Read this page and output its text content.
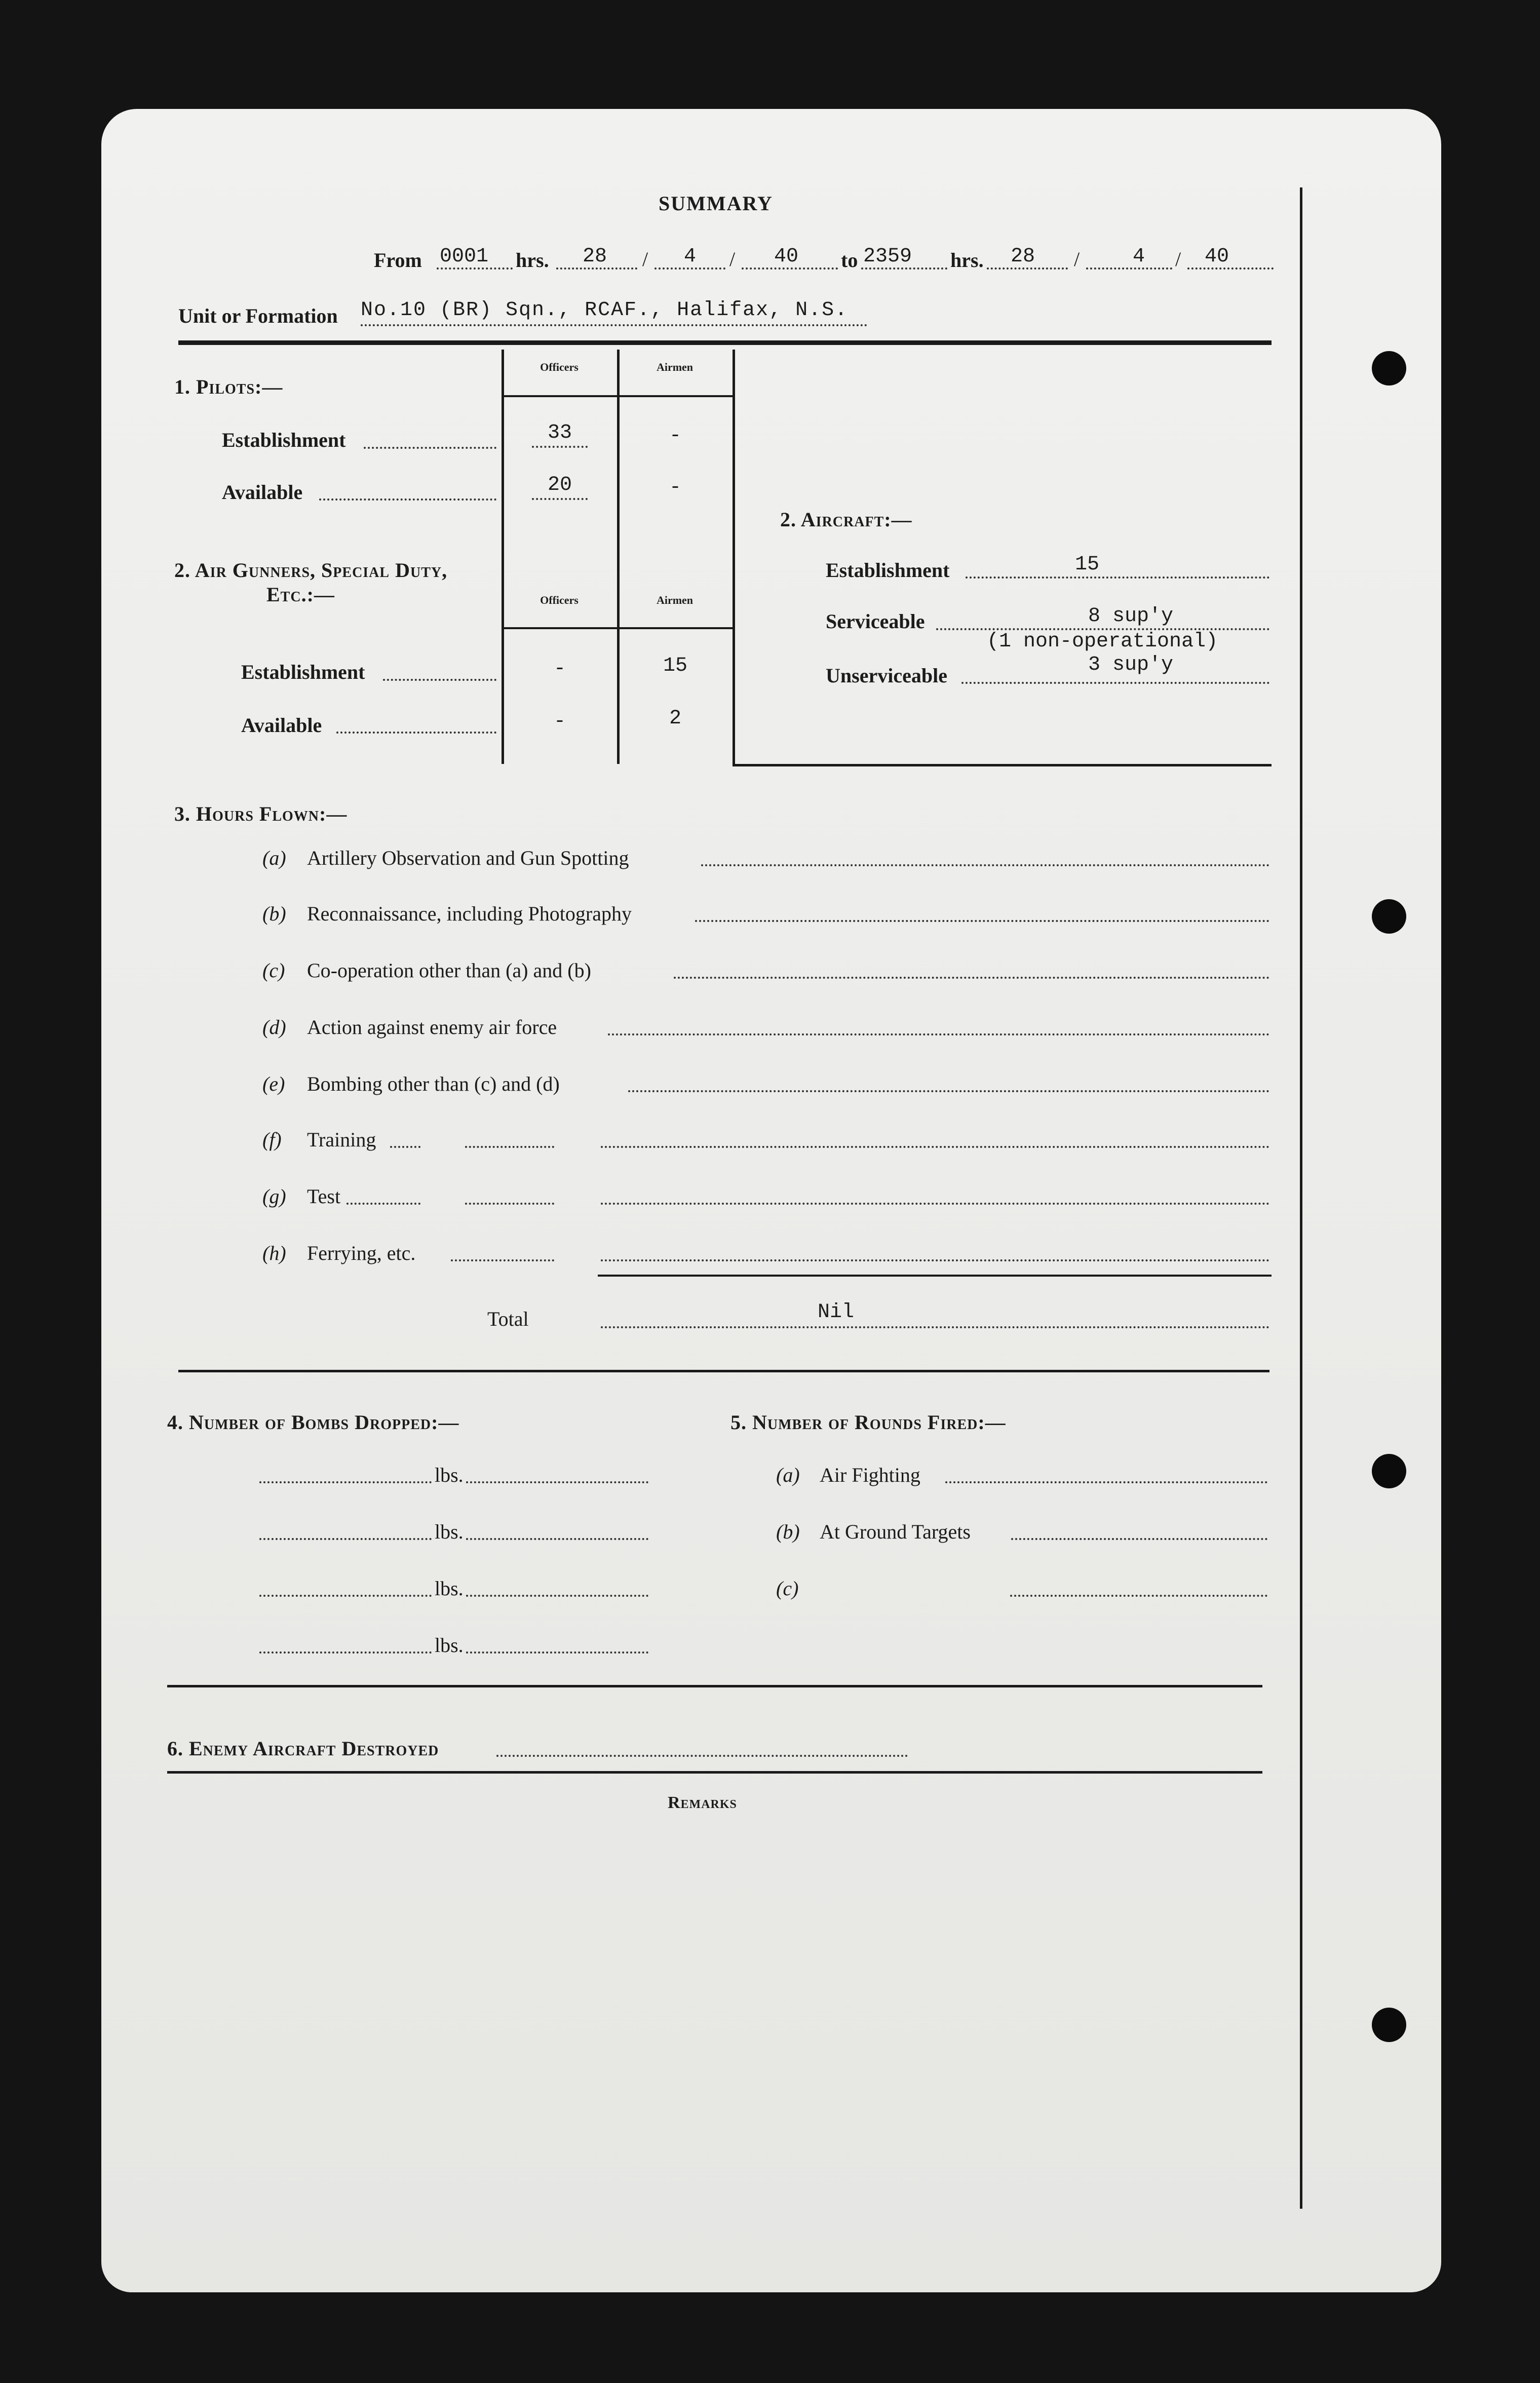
SUMMARY
From 0001 hrs. 28 / 4 / 40 to 2359 hrs. 28 /	4 / 40
Unit or Formation No.10 (BR) Sqn., RCAF., Halifax, N.S.
Officers	Airmen
1. Pilots:—
Establishment	33	-
Available	20	-
2. Air Gunners, Special Duty,
Etc.:—	Officers	Airmen
Establishment	-	15
Available	-	2
2. Aircraft:—
Establishment	15
Serviceable	8 sup'y
(1 non-operational)
Unserviceable	3 sup'y
3. Hours Flown:—
(a) Artillery Observation and Gun Spotting
(b) Reconnaissance, including Photography
(c) Co-operation other than (a) and (b)
(d) Action against enemy air force
(e) Bombing other than (c) and (d)
(f) Training
(g) Test
(h) Ferrying, etc.
Total	Nil
4. Number of Bombs Dropped:—
lbs.
lbs.
lbs.
lbs.
5. Number of Rounds Fired:—
(a) Air Fighting
(b) At Ground Targets
(c)
6. Enemy Aircraft Destroyed
Remarks
